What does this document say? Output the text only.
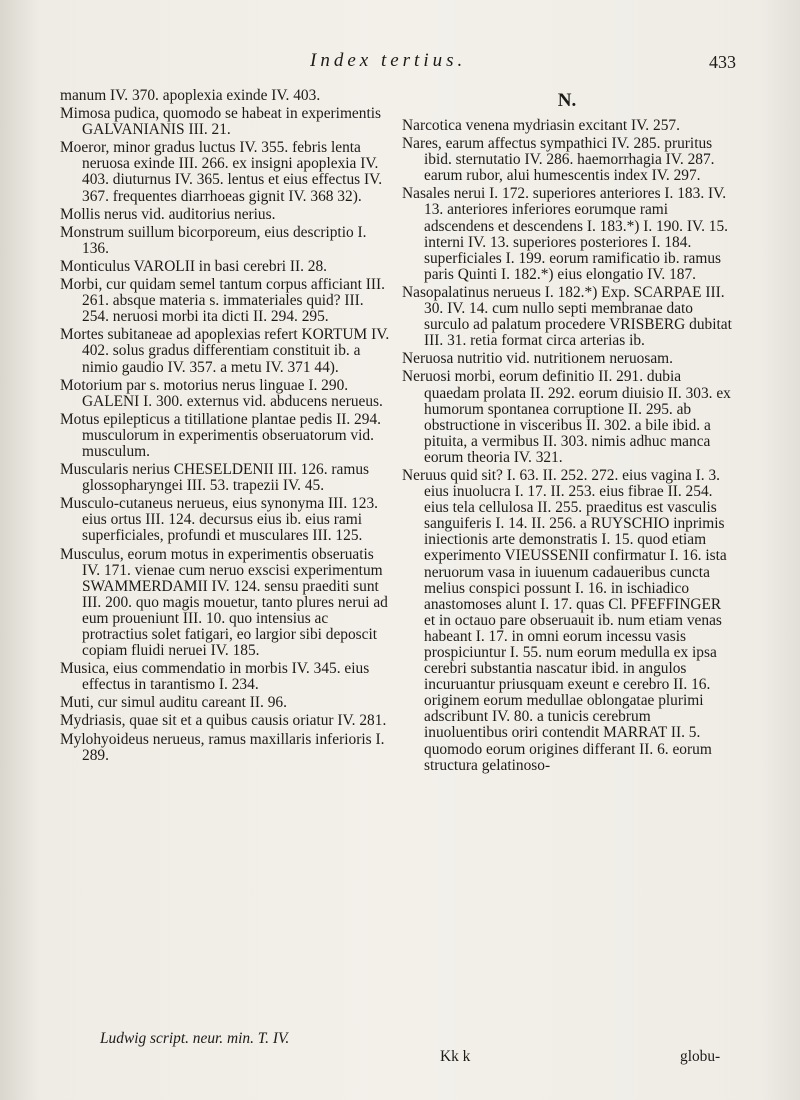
Index tertius.	433

manum IV. 370. apoplexia exinde IV. 403.

Mimosa pudica, quomodo se habeat in experimentis GALVANIANIS III. 21.

Moeror, minor gradus luctus IV. 355. febris lenta neruosa exinde III. 266. ex insigni apoplexia IV. 403. diuturnus IV. 365. lentus et eius effectus IV. 367. frequentes diarrhoeas gignit IV. 368 32).

Mollis nerus vid. auditorius nerius.

Monstrum suillum bicorporeum, eius descriptio I. 136.

Monticulus VAROLII in basi cerebri II. 28.

Morbi, cur quidam semel tantum corpus afficiant III. 261. absque materia s. immateriales quid? III. 254. neruosi morbi ita dicti II. 294. 295.

Mortes subitaneae ad apoplexias refert KORTUM IV. 402. solus gradus differentiam constituit ib. a nimio gaudio IV. 357. a metu IV. 371 44).

Motorium par s. motorius nerus linguae I. 290. GALENI I. 300. externus vid. abducens nerueus.

Motus epilepticus a titillatione plantae pedis II. 294. musculorum in experimentis obseruatorum vid. musculum.

Muscularis nerius CHESELDENII III. 126. ramus glossopharyngei III. 53. trapezii IV. 45.

Musculo-cutaneus nerueus, eius synonyma III. 123. eius ortus III. 124. decursus eius ib. eius rami superficiales, profundi et musculares III. 125.

Musculus, eorum motus in experimentis obseruatis IV. 171. vienae cum neruo exscisi experimentum SWAMMERDAMII IV. 124. sensu praediti sunt III. 200. quo magis mouetur, tanto plures nerui ad eum proueniunt III. 10. quo intensius ac protractius solet fatigari, eo largior sibi deposcit copiam fluidi neruei IV. 185.

Musica, eius commendatio in morbis IV. 345. eius effectus in tarantismo I. 234.

Muti, cur simul auditu careant II. 96.

Mydriasis, quae sit et a quibus causis oriatur IV. 281.

Mylohyoideus nerueus, ramus maxillaris inferioris I. 289.

N.

Narcotica venena mydriasin excitant IV. 257.

Nares, earum affectus sympathici IV. 285. pruritus ibid. sternutatio IV. 286. haemorrhagia IV. 287. earum rubor, alui humescentis index IV. 297.

Nasales nerui I. 172. superiores anteriores I. 183. IV. 13. anteriores inferiores eorumque rami adscendens et descendens I. 183.*) I. 190. IV. 15. interni IV. 13. superiores posteriores I. 184. superficiales I. 199. eorum ramificatio ib. ramus paris Quinti I. 182.*) eius elongatio IV. 187.

Nasopalatinus nerueus I. 182.*) Exp. SCARPAE III. 30. IV. 14. cum nullo septi membranae dato surculo ad palatum procedere VRISBERG dubitat III. 31. retia format circa arterias ib.

Neruosa nutritio vid. nutritionem neruosam.

Neruosi morbi, eorum definitio II. 291. dubia quaedam prolata II. 292. eorum diuisio II. 303. ex humorum spontanea corruptione II. 295. ab obstructione in visceribus II. 302. a bile ibid. a pituita, a vermibus II. 303. nimis adhuc manca eorum theoria IV. 321.

Neruus quid sit? I. 63. II. 252. 272. eius vagina I. 3. eius inuolucra I. 17. II. 253. eius fibrae II. 254. eius tela cellulosa II. 255. praeditus est vasculis sanguiferis I. 14. II. 256. a RUYSCHIO inprimis iniectionis arte demonstratis I. 15. quod etiam experimento VIEUSSENII confirmatur I. 16. ista neruorum vasa in iuuenum cadaueribus cuncta melius conspici possunt I. 16. in ischiadico anastomoses alunt I. 17. quas Cl. PFEFFINGER et in octauo pare obseruauit ib. num etiam venas habeant I. 17. in omni eorum incessu vasis prospiciuntur I. 55. num eorum medulla ex ipsa cerebri substantia nascatur ibid. in angulos incuruantur priusquam exeunt e cerebro II. 16. originem eorum medullae oblongatae plurimi adscribunt IV. 80. a tunicis cerebrum inuoluentibus oriri contendit MARRAT II. 5. quomodo eorum origines differant II. 6. eorum structura gelatinoso-

Ludwig script. neur. min. T. IV.
Kk k	globu-
